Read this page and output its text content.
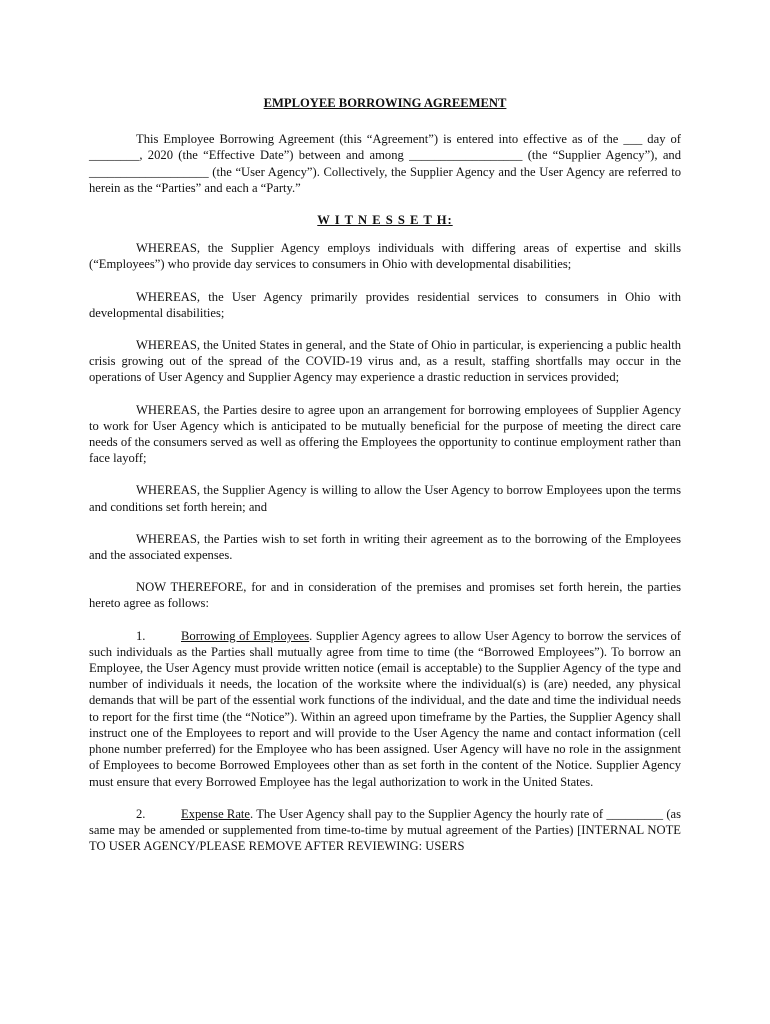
EMPLOYEE BORROWING AGREEMENT

This Employee Borrowing Agreement (this “Agreement”) is entered into effective as of the ___ day of ________, 2020 (the “Effective Date”) between and among __________________ (the “Supplier Agency”), and ___________________ (the “User Agency”). Collectively, the Supplier Agency and the User Agency are referred to herein as the “Parties” and each a “Party.”

W I T N E S S E T H:

WHEREAS, the Supplier Agency employs individuals with differing areas of expertise and skills (“Employees”) who provide day services to consumers in Ohio with developmental disabilities;

WHEREAS, the User Agency primarily provides residential services to consumers in Ohio with developmental disabilities;

WHEREAS, the United States in general, and the State of Ohio in particular, is experiencing a public health crisis growing out of the spread of the COVID-19 virus and, as a result, staffing shortfalls may occur in the operations of User Agency and Supplier Agency may experience a drastic reduction in services provided;

WHEREAS, the Parties desire to agree upon an arrangement for borrowing employees of Supplier Agency to work for User Agency which is anticipated to be mutually beneficial for the purpose of meeting the direct care needs of the consumers served as well as offering the Employees the opportunity to continue employment rather than face layoff;

WHEREAS, the Supplier Agency is willing to allow the User Agency to borrow Employees upon the terms and conditions set forth herein; and

WHEREAS, the Parties wish to set forth in writing their agreement as to the borrowing of the Employees and the associated expenses.

NOW THEREFORE, for and in consideration of the premises and promises set forth herein, the parties hereto agree as follows:

1.	Borrowing of Employees. Supplier Agency agrees to allow User Agency to borrow the services of such individuals as the Parties shall mutually agree from time to time (the “Borrowed Employees”). To borrow an Employee, the User Agency must provide written notice (email is acceptable) to the Supplier Agency of the type and number of individuals it needs, the location of the worksite where the individual(s) is (are) needed, any physical demands that will be part of the essential work functions of the individual, and the date and time the individual needs to report for the first time (the “Notice”). Within an agreed upon timeframe by the Parties, the Supplier Agency shall instruct one of the Employees to report and will provide to the User Agency the name and contact information (cell phone number preferred) for the Employee who has been assigned. User Agency will have no role in the assignment of Employees to become Borrowed Employees other than as set forth in the content of the Notice. Supplier Agency must ensure that every Borrowed Employee has the legal authorization to work in the United States.
2.	Expense Rate. The User Agency shall pay to the Supplier Agency the hourly rate of _________ (as same may be amended or supplemented from time-to-time by mutual agreement of the Parties) [INTERNAL NOTE TO USER AGENCY/PLEASE REMOVE AFTER REVIEWING: USERS
